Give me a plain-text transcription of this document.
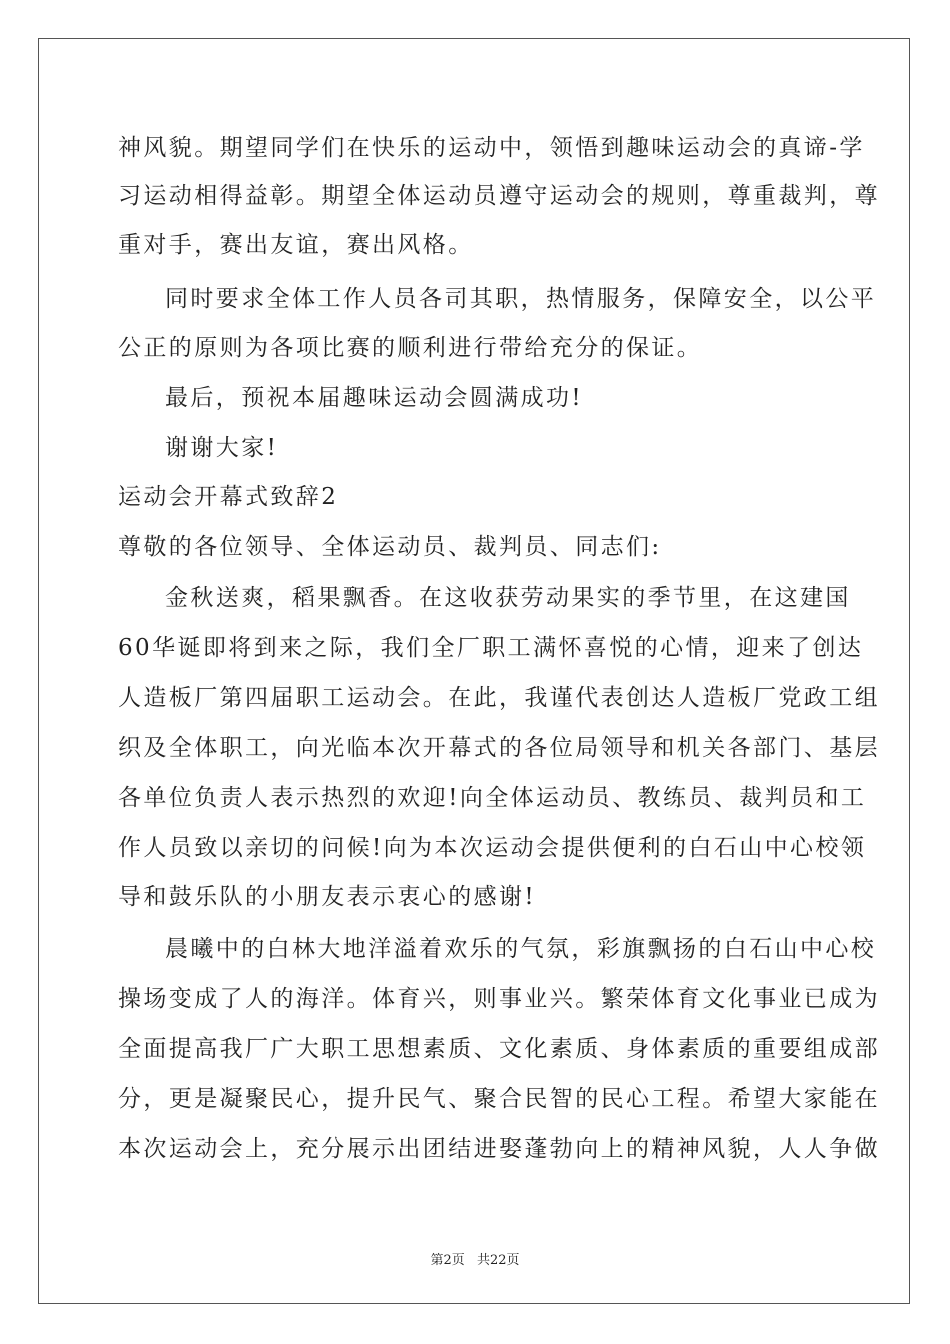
神风貌。期望同学们在快乐的运动中，领悟到趣味运动会的真谛-学
习运动相得益彰。期望全体运动员遵守运动会的规则，尊重裁判，尊
重对手，赛出友谊，赛出风格。
同时要求全体工作人员各司其职，热情服务，保障安全，以公平
公正的原则为各项比赛的顺利进行带给充分的保证。
最后，预祝本届趣味运动会圆满成功!
谢谢大家!
运动会开幕式致辞2
尊敬的各位领导、全体运动员、裁判员、同志们:
金秋送爽，稻果飘香。在这收获劳动果实的季节里，在这建国
60华诞即将到来之际，我们全厂职工满怀喜悦的心情，迎来了创达
人造板厂第四届职工运动会。在此，我谨代表创达人造板厂党政工组
织及全体职工，向光临本次开幕式的各位局领导和机关各部门、基层
各单位负责人表示热烈的欢迎!向全体运动员、教练员、裁判员和工
作人员致以亲切的问候!向为本次运动会提供便利的白石山中心校领
导和鼓乐队的小朋友表示衷心的感谢!
晨曦中的白林大地洋溢着欢乐的气氛，彩旗飘扬的白石山中心校
操场变成了人的海洋。体育兴，则事业兴。繁荣体育文化事业已成为
全面提高我厂广大职工思想素质、文化素质、身体素质的重要组成部
分，更是凝聚民心，提升民气、聚合民智的民心工程。希望大家能在
本次运动会上，充分展示出团结进娶蓬勃向上的精神风貌，人人争做
第2页 共22页
